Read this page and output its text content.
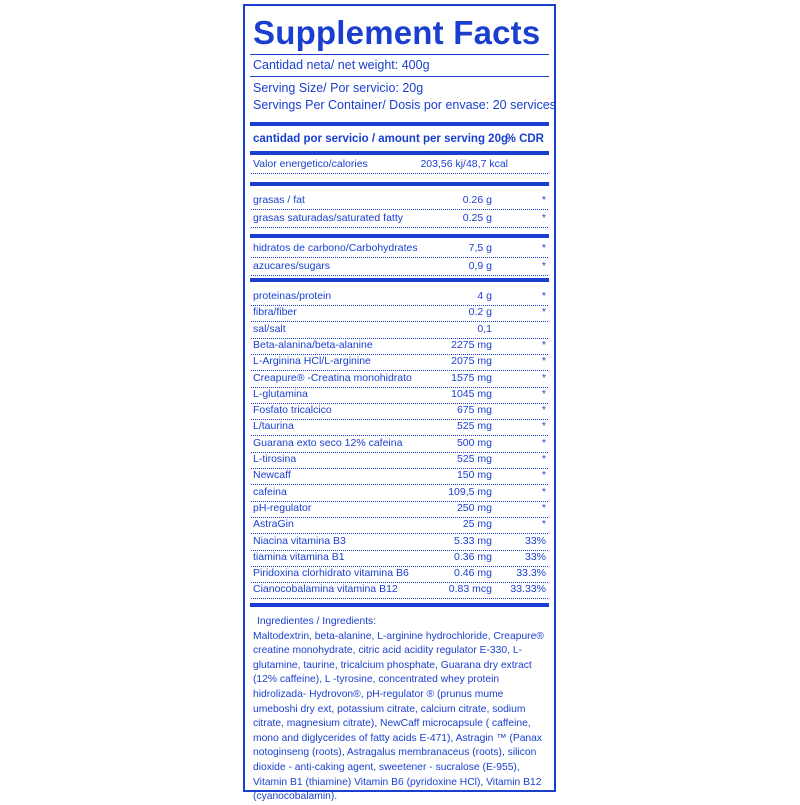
Supplement Facts
Cantidad neta/ net weight: 400g
Serving Size/ Por servicio: 20g
Servings Per Container/ Dosis por envase: 20 services
cantidad por servicio / amount per serving 20g
% CDR
Valor energetico/calories	203,56 kj/48,7 kcal
grasas / fat	0.26 g	*
grasas saturadas/saturated fatty	0.25 g	*
hidratos de carbono/Carbohydrates	7,5 g	*
azucares/sugars	0,9 g	*
proteinas/protein	4 g	*
fibra/fiber	0.2 g	*
sal/salt	0,1
Beta-alanina/beta-alanine	2275 mg	*
L-Arginina HCl/L-arginine	2075 mg	*
Creapure® -Creatina monohidrato	1575 mg	*
L-glutamina	1045 mg	*
Fosfato tricalcico	675 mg	*
L/taurina	525 mg	*
Guarana exto seco 12% cafeina	500 mg	*
L-tirosina	525 mg	*
Newcaff	150 mg	*
cafeina	109,5 mg	*
pH-regulator	250 mg	*
AstraGin	25 mg	*
Niacina vitamina B3	5.33 mg	33%
tiamina vitamina B1	0.36 mg	33%
Piridoxina clorhidrato vitamina B6	0.46 mg 33.3%
Cianocobalamina vitamina B12	0.83 mcg 33.33%
Ingredientes / Ingredients:
Maltodextrin, beta-alanine, L-arginine hydrochloride, Creapure® creatine monohydrate, citric acid acidity regulator E-330, L-glutamine, taurine, tricalcium phosphate, Guarana dry extract (12% caffeine), L -tyrosine, concentrated whey protein hidrolizada- Hydrovon®, pH-regulator ® (prunus mume umeboshi dry ext, potassium citrate, calcium citrate, sodium citrate, magnesium citrate), NewCaff microcapsule ( caffeine, mono and diglycerides of fatty acids E-471), Astragin ™ (Panax notoginseng (roots), Astragalus membranaceus (roots), silicon dioxide - anti-caking agent, sweetener - sucralose (E-955), Vitamin B1 (thiamine) Vitamin B6 (pyridoxine HCl), Vitamin B12 (cyanocobalamin).
